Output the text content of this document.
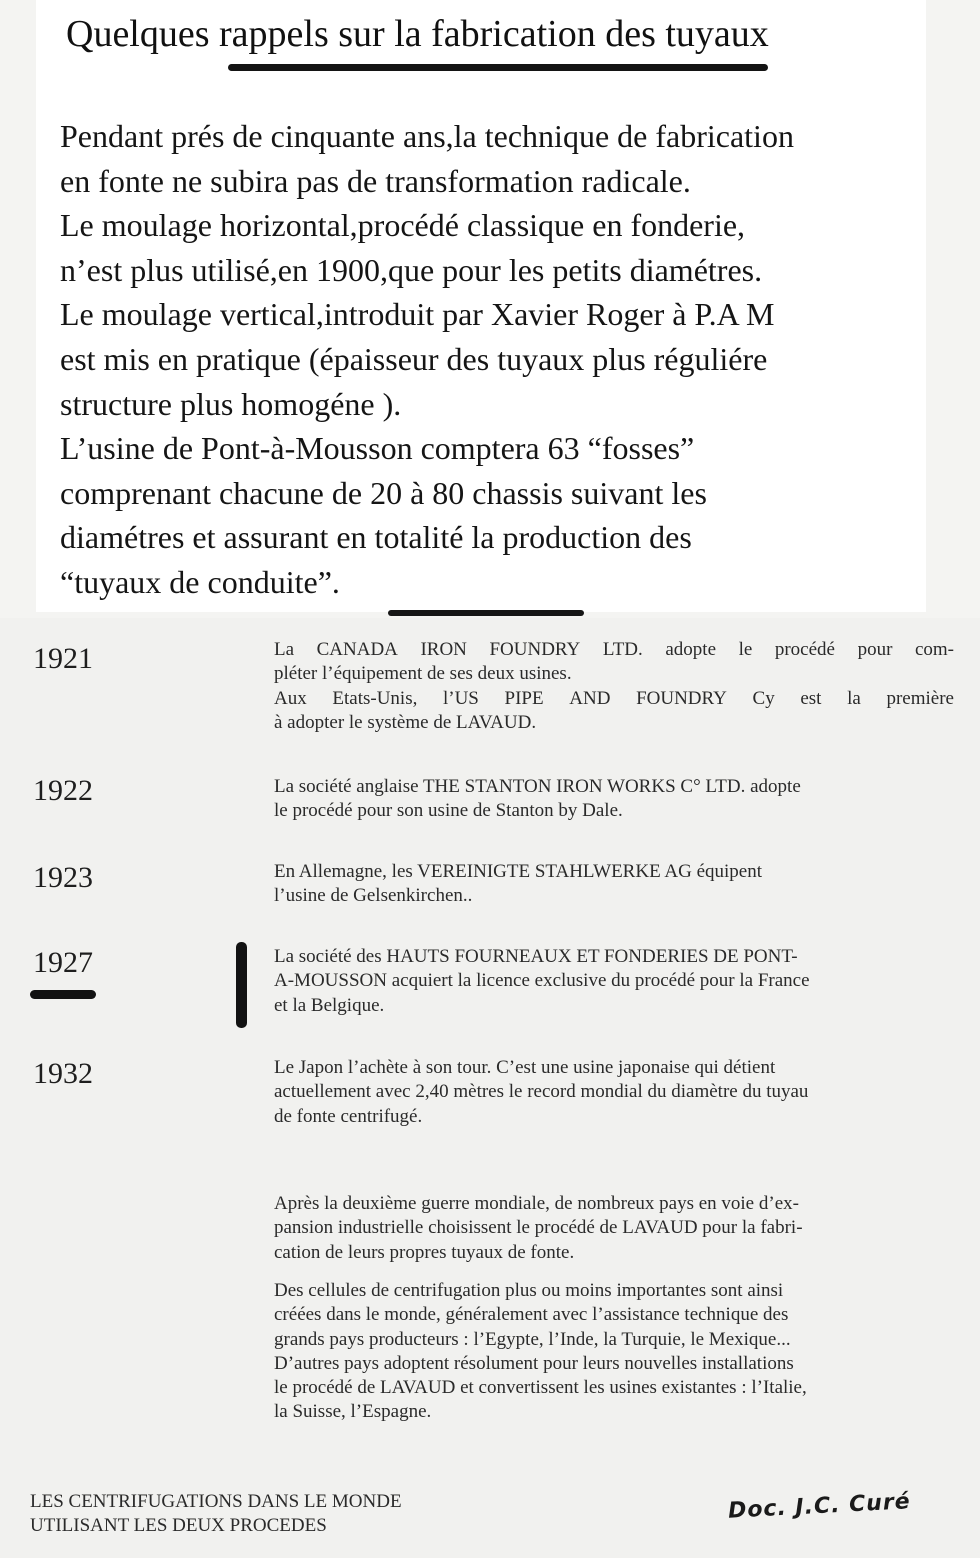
Quelques rappels sur la fabrication des tuyaux
Pendant prés de cinquante ans,la technique de fabrication
en fonte ne subira pas de transformation radicale.
Le moulage horizontal,procédé classique en fonderie,
n’est plus utilisé,en 1900,que pour les petits diamétres.
Le moulage vertical,introduit par Xavier Roger à P.A M
est mis en pratique (épaisseur des tuyaux plus réguliére
structure plus homogéne ).
L’usine de Pont-à-Mousson comptera 63 “fosses”
comprenant chacune de 20 à 80 chassis suivant les
diamétres et assurant en totalité la production des
“tuyaux de conduite”.
1921	La CANADA IRON FOUNDRY LTD. adopte le procédé pour com-
pléter l’équipement de ses deux usines.
Aux Etats-Unis, l’US PIPE AND FOUNDRY Cy est la première
à adopter le système de LAVAUD.
1922	La société anglaise THE STANTON IRON WORKS C° LTD. adopte
le procédé pour son usine de Stanton by Dale.
1923	En Allemagne, les VEREINIGTE STAHLWERKE AG équipent
l’usine de Gelsenkirchen..
1927	La société des HAUTS FOURNEAUX ET FONDERIES DE PONT-
A-MOUSSON acquiert la licence exclusive du procédé pour la France
et la Belgique.
1932	Le Japon l’achète à son tour. C’est une usine japonaise qui détient
actuellement avec 2,40 mètres le record mondial du diamètre du tuyau
de fonte centrifugé.
Après la deuxième guerre mondiale, de nombreux pays en voie d’ex-
pansion industrielle choisissent le procédé de LAVAUD pour la fabri-
cation de leurs propres tuyaux de fonte.
Des cellules de centrifugation plus ou moins importantes sont ainsi
créées dans le monde, généralement avec l’assistance technique des
grands pays producteurs : l’Egypte, l’Inde, la Turquie, le Mexique...
D’autres pays adoptent résolument pour leurs nouvelles installations
le procédé de LAVAUD et convertissent les usines existantes : l’Italie,
la Suisse, l’Espagne.
LES CENTRIFUGATIONS DANS LE MONDE
UTILISANT LES DEUX PROCEDES
Doc. J.C. Curé
